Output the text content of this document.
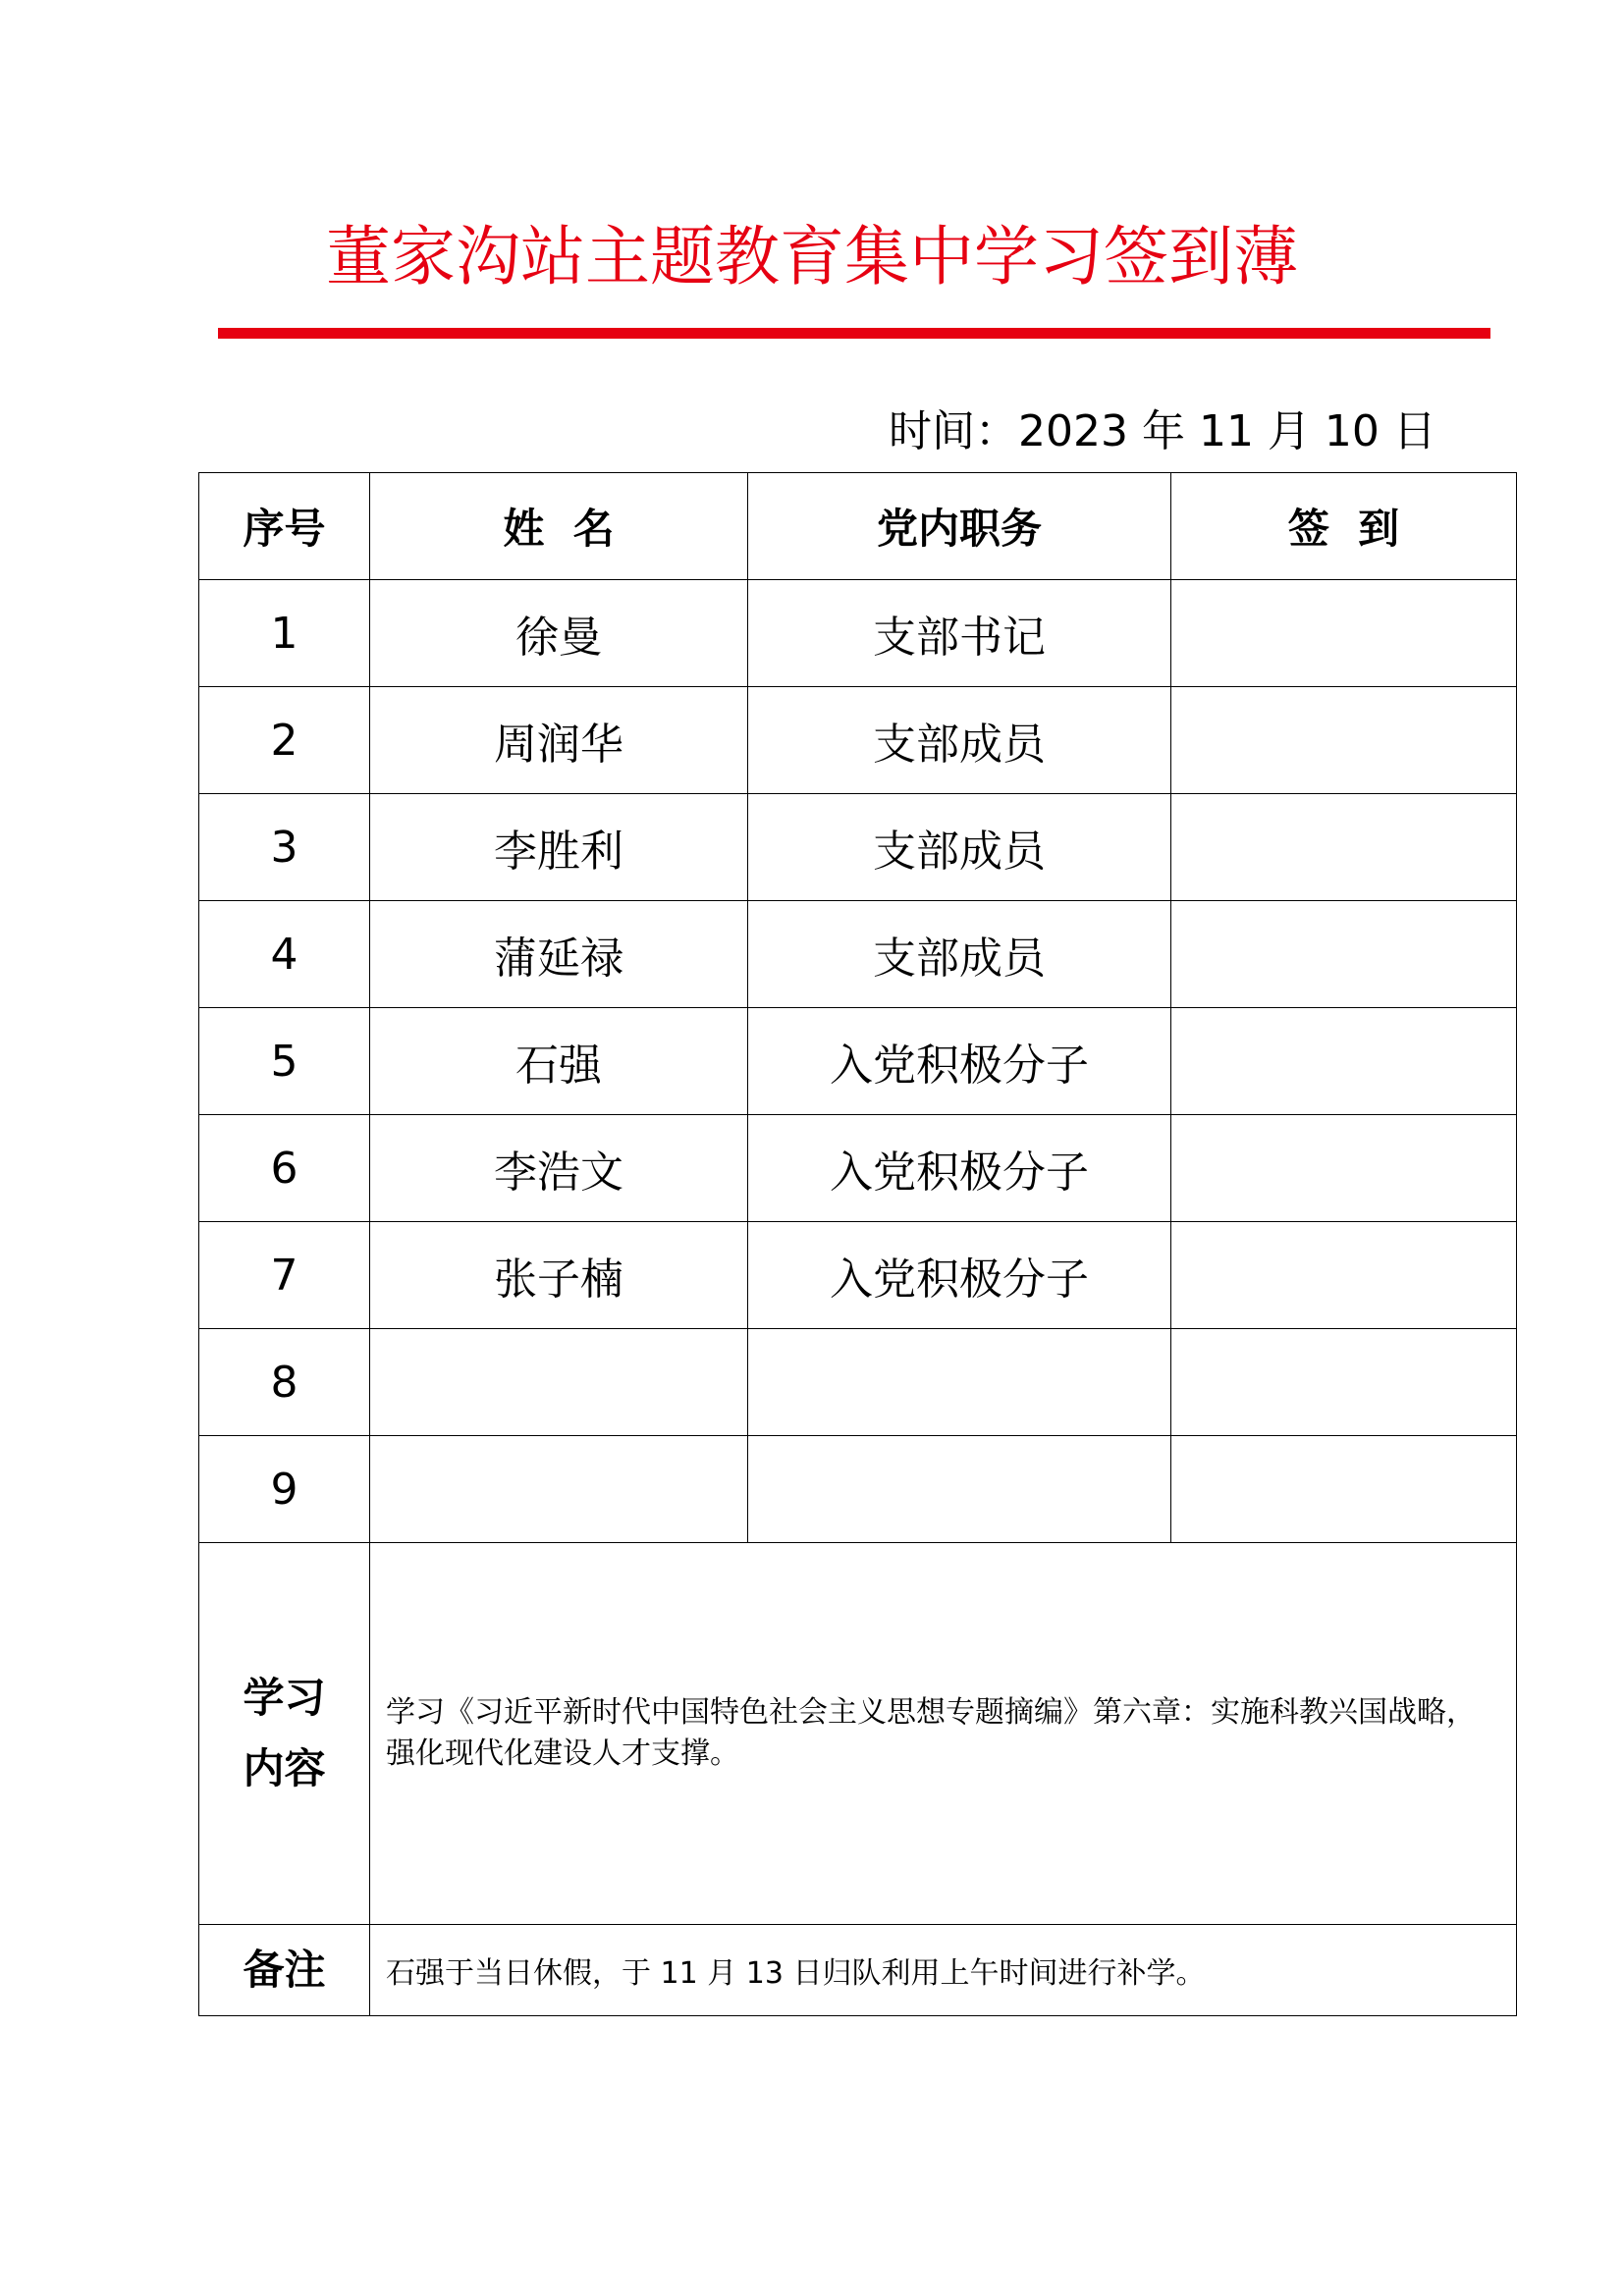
董家沟站主题教育集中学习签到薄
时间：2023 年 11 月 10 日
序号	姓  名	党内职务	签  到
1	徐曼	支部书记	
2	周润华	支部成员	
3	李胜利	支部成员	
4	蒲延禄	支部成员	
5	石强	入党积极分子	
6	李浩文	入党积极分子	
7	张子楠	入党积极分子	
8			
9			
学习
内容	学习《习近平新时代中国特色社会主义思想专题摘编》第六章：实施科教兴国战略，强化现代化建设人才支撑。		
备注	石强于当日休假，于 11 月 13 日归队利用上午时间进行补学。		
